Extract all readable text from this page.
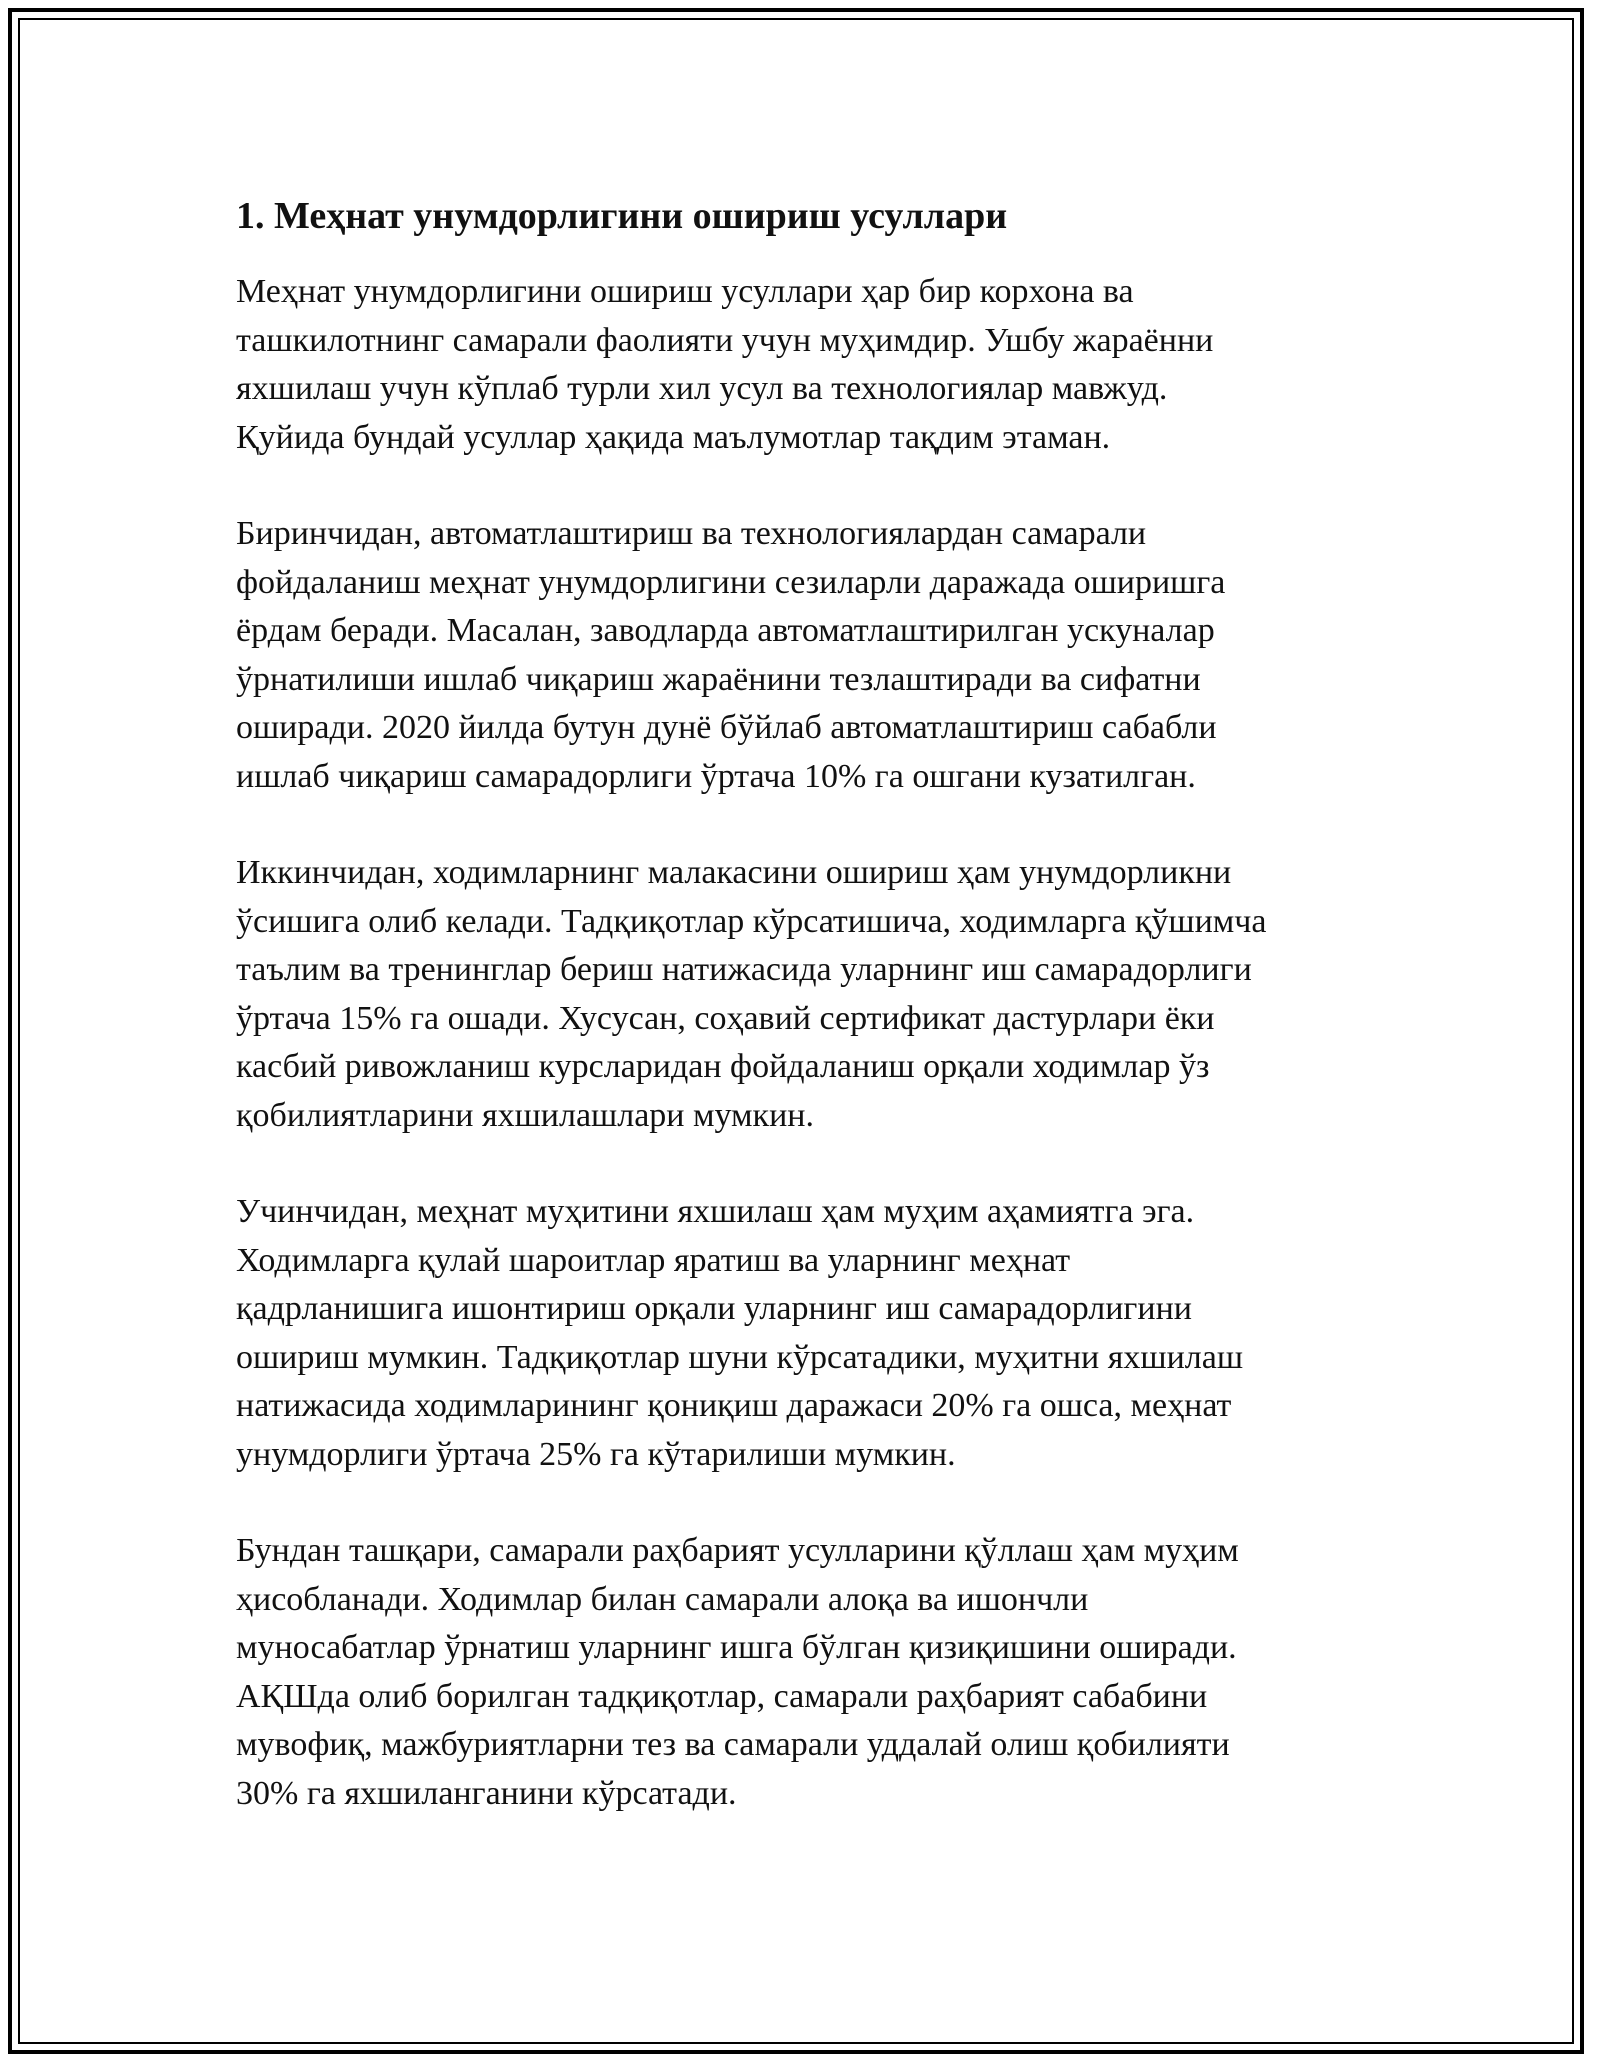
1. Меҳнат унумдорлигини ошириш усуллари

Меҳнат унумдорлигини ошириш усуллари ҳар бир корхона ва
ташкилотнинг самарали фаолияти учун муҳимдир. Ушбу жараённи
яхшилаш учун кўплаб турли хил усул ва технологиялар мавжуд.
Қуйида бундай усуллар ҳақида маълумотлар тақдим этаман.

Биринчидан, автоматлаштириш ва технологиялардан самарали
фойдаланиш меҳнат унумдорлигини сезиларли даражада оширишга
ёрдам беради. Масалан, заводларда автоматлаштирилган ускуналар
ўрнатилиши ишлаб чиқариш жараёнини тезлаштиради ва сифатни
оширади. 2020 йилда бутун дунё бўйлаб автоматлаштириш сабабли
ишлаб чиқариш самарадорлиги ўртача 10% га ошгани кузатилган.

Иккинчидан, ходимларнинг малакасини ошириш ҳам унумдорликни
ўсишига олиб келади. Тадқиқотлар кўрсатишича, ходимларга қўшимча
таълим ва тренинглар бериш натижасида уларнинг иш самарадорлиги
ўртача 15% га ошади. Хусусан, соҳавий сертификат дастурлари ёки
касбий ривожланиш курсларидан фойдаланиш орқали ходимлар ўз
қобилиятларини яхшилашлари мумкин.

Учинчидан, меҳнат муҳитини яхшилаш ҳам муҳим аҳамиятга эга.
Ходимларга қулай шароитлар яратиш ва уларнинг меҳнат
қадрланишига ишонтириш орқали уларнинг иш самарадорлигини
ошириш мумкин. Тадқиқотлар шуни кўрсатадики, муҳитни яхшилаш
натижасида ходимларининг қониқиш даражаси 20% га ошса, меҳнат
унумдорлиги ўртача 25% га кўтарилиши мумкин.

Бундан ташқари, самарали раҳбарият усулларини қўллаш ҳам муҳим
ҳисобланади. Ходимлар билан самарали алоқа ва ишончли
муносабатлар ўрнатиш уларнинг ишга бўлган қизиқишини оширади.
АҚШда олиб борилган тадқиқотлар, самарали раҳбарият сабабини
мувофиқ, мажбуриятларни тез ва самарали уддалай олиш қобилияти
30% га яхшиланганини кўрсатади.
